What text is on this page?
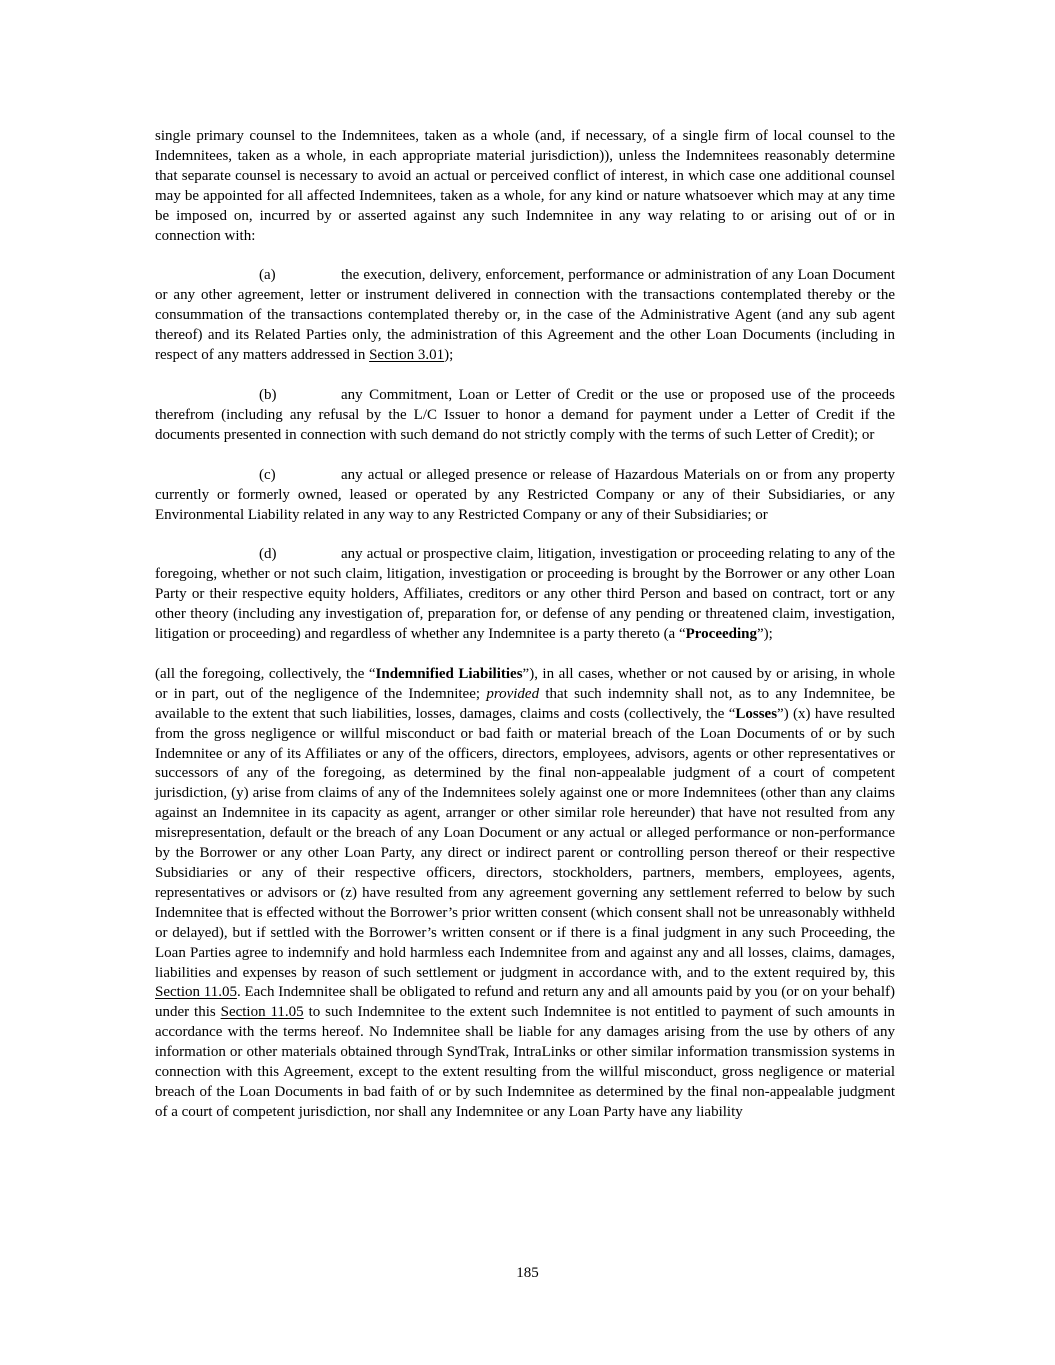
single primary counsel to the Indemnitees, taken as a whole (and, if necessary, of a single firm of local counsel to the Indemnitees, taken as a whole, in each appropriate material jurisdiction)), unless the Indemnitees reasonably determine that separate counsel is necessary to avoid an actual or perceived conflict of interest, in which case one additional counsel may be appointed for all affected Indemnitees, taken as a whole, for any kind or nature whatsoever which may at any time be imposed on, incurred by or asserted against any such Indemnitee in any way relating to or arising out of or in connection with:

(a)	the execution, delivery, enforcement, performance or administration of any Loan Document or any other agreement, letter or instrument delivered in connection with the transactions contemplated thereby or the consummation of the transactions contemplated thereby or, in the case of the Administrative Agent (and any sub agent thereof) and its Related Parties only, the administration of this Agreement and the other Loan Documents (including in respect of any matters addressed in Section 3.01);

(b)	any Commitment, Loan or Letter of Credit or the use or proposed use of the proceeds therefrom (including any refusal by the L/C Issuer to honor a demand for payment under a Letter of Credit if the documents presented in connection with such demand do not strictly comply with the terms of such Letter of Credit); or

(c)	any actual or alleged presence or release of Hazardous Materials on or from any property currently or formerly owned, leased or operated by any Restricted Company or any of their Subsidiaries, or any Environmental Liability related in any way to any Restricted Company or any of their Subsidiaries; or

(d)	any actual or prospective claim, litigation, investigation or proceeding relating to any of the foregoing, whether or not such claim, litigation, investigation or proceeding is brought by the Borrower or any other Loan Party or their respective equity holders, Affiliates, creditors or any other third Person and based on contract, tort or any other theory (including any investigation of, preparation for, or defense of any pending or threatened claim, investigation, litigation or proceeding) and regardless of whether any Indemnitee is a party thereto (a “Proceeding”);

(all the foregoing, collectively, the “Indemnified Liabilities”), in all cases, whether or not caused by or arising, in whole or in part, out of the negligence of the Indemnitee; provided that such indemnity shall not, as to any Indemnitee, be available to the extent that such liabilities, losses, damages, claims and costs (collectively, the “Losses”) (x) have resulted from the gross negligence or willful misconduct or bad faith or material breach of the Loan Documents of or by such Indemnitee or any of its Affiliates or any of the officers, directors, employees, advisors, agents or other representatives or successors of any of the foregoing, as determined by the final non-appealable judgment of a court of competent jurisdiction, (y) arise from claims of any of the Indemnitees solely against one or more Indemnitees (other than any claims against an Indemnitee in its capacity as agent, arranger or other similar role hereunder) that have not resulted from any misrepresentation, default or the breach of any Loan Document or any actual or alleged performance or non-performance by the Borrower or any other Loan Party, any direct or indirect parent or controlling person thereof or their respective Subsidiaries or any of their respective officers, directors, stockholders, partners, members, employees, agents, representatives or advisors or (z) have resulted from any agreement governing any settlement referred to below by such Indemnitee that is effected without the Borrower’s prior written consent (which consent shall not be unreasonably withheld or delayed), but if settled with the Borrower’s written consent or if there is a final judgment in any such Proceeding, the Loan Parties agree to indemnify and hold harmless each Indemnitee from and against any and all losses, claims, damages, liabilities and expenses by reason of such settlement or judgment in accordance with, and to the extent required by, this Section 11.05. Each Indemnitee shall be obligated to refund and return any and all amounts paid by you (or on your behalf) under this Section 11.05 to such Indemnitee to the extent such Indemnitee is not entitled to payment of such amounts in accordance with the terms hereof. No Indemnitee shall be liable for any damages arising from the use by others of any information or other materials obtained through SyndTrak, IntraLinks or other similar information transmission systems in connection with this Agreement, except to the extent resulting from the willful misconduct, gross negligence or material breach of the Loan Documents in bad faith of or by such Indemnitee as determined by the final non-appealable judgment of a court of competent jurisdiction, nor shall any Indemnitee or any Loan Party have any liability

185
